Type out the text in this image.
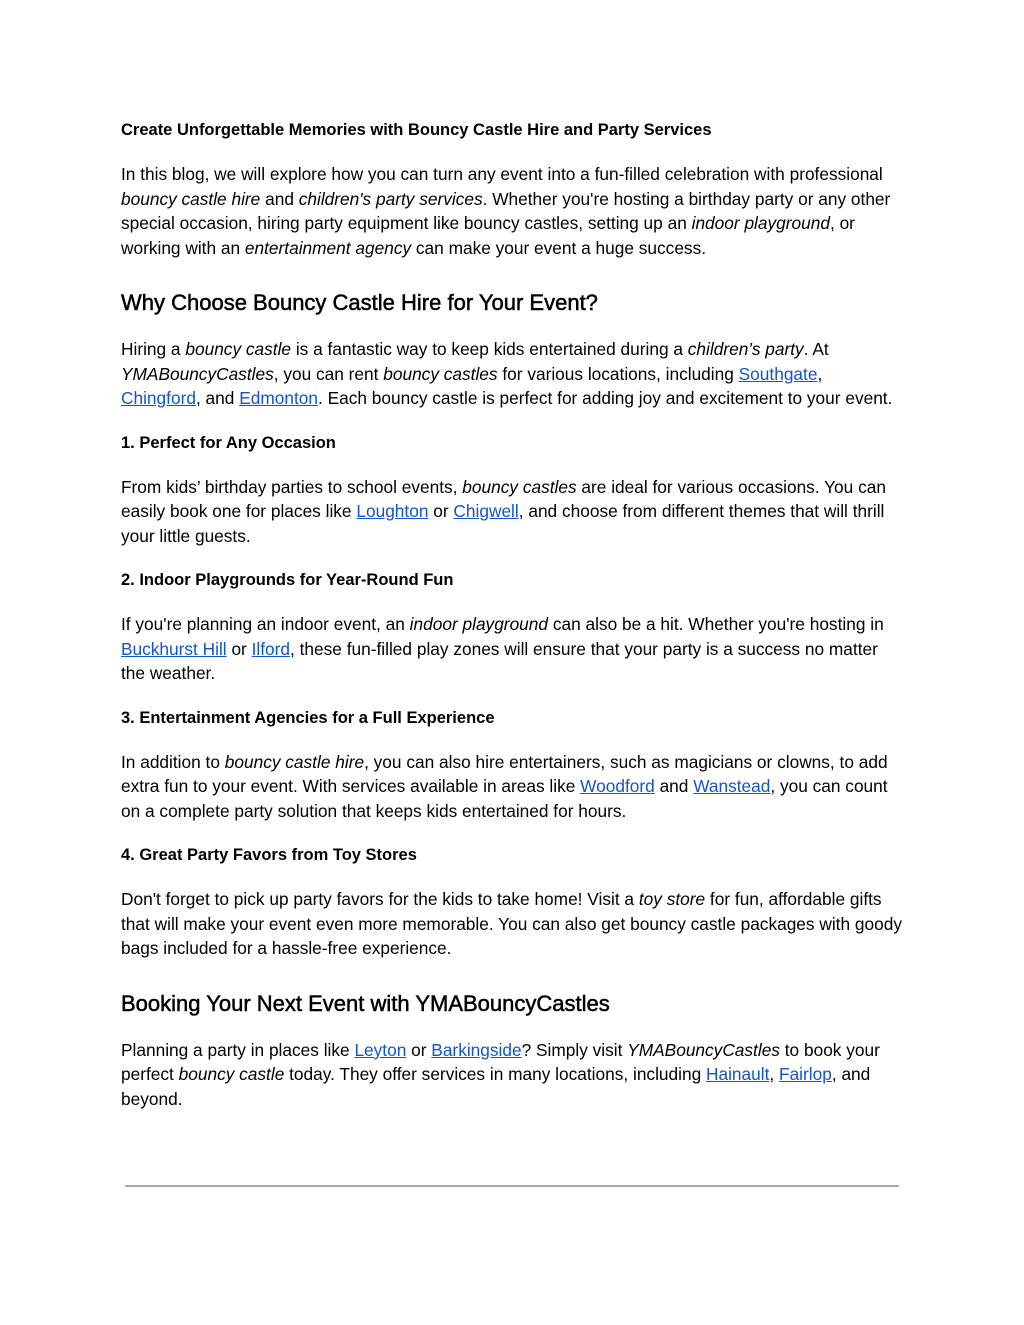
Create Unforgettable Memories with Bouncy Castle Hire and Party Services

In this blog, we will explore how you can turn any event into a fun-filled celebration with professional bouncy castle hire and children's party services. Whether you're hosting a birthday party or any other special occasion, hiring party equipment like bouncy castles, setting up an indoor playground, or working with an entertainment agency can make your event a huge success.

Why Choose Bouncy Castle Hire for Your Event?

Hiring a bouncy castle is a fantastic way to keep kids entertained during a children’s party. At YMABouncyCastles, you can rent bouncy castles for various locations, including Southgate, Chingford, and Edmonton. Each bouncy castle is perfect for adding joy and excitement to your event.

1. Perfect for Any Occasion

From kids’ birthday parties to school events, bouncy castles are ideal for various occasions. You can easily book one for places like Loughton or Chigwell, and choose from different themes that will thrill your little guests.

2. Indoor Playgrounds for Year-Round Fun

If you're planning an indoor event, an indoor playground can also be a hit. Whether you're hosting in Buckhurst Hill or Ilford, these fun-filled play zones will ensure that your party is a success no matter the weather.

3. Entertainment Agencies for a Full Experience

In addition to bouncy castle hire, you can also hire entertainers, such as magicians or clowns, to add extra fun to your event. With services available in areas like Woodford and Wanstead, you can count on a complete party solution that keeps kids entertained for hours.

4. Great Party Favors from Toy Stores

Don't forget to pick up party favors for the kids to take home! Visit a toy store for fun, affordable gifts that will make your event even more memorable. You can also get bouncy castle packages with goody bags included for a hassle-free experience.

Booking Your Next Event with YMABouncyCastles

Planning a party in places like Leyton or Barkingside? Simply visit YMABouncyCastles to book your perfect bouncy castle today. They offer services in many locations, including Hainault, Fairlop, and beyond.
